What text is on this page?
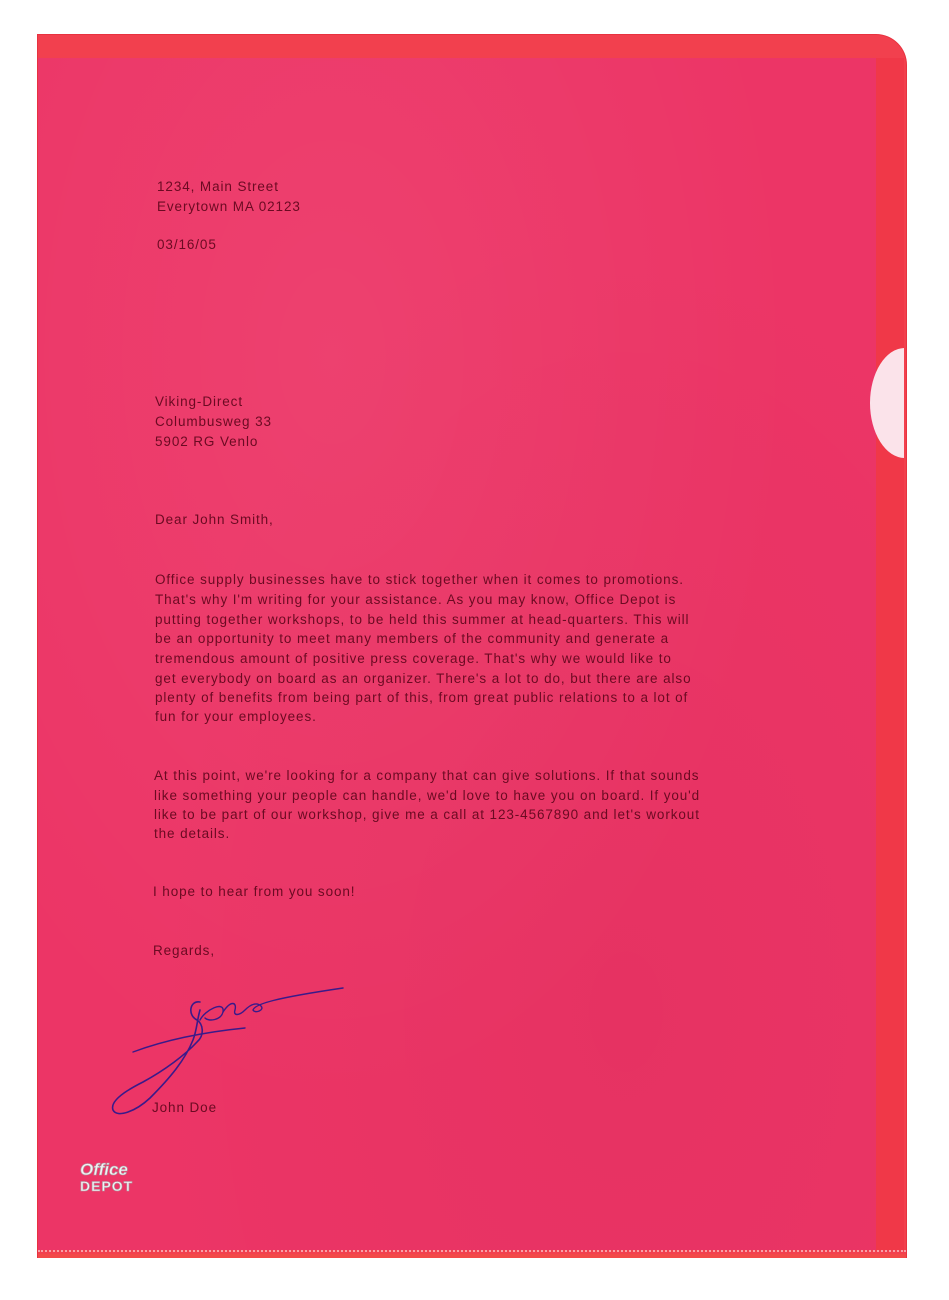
1234, Main Street
Everytown MA 02123
03/16/05
Viking-Direct
Columbusweg 33
5902 RG Venlo
Dear John Smith,
Office supply businesses have to stick together when it comes to promotions.
That's why I'm writing for your assistance. As you may know, Office Depot is
putting together workshops, to be held this summer at head-quarters. This will
be an opportunity to meet many members of the community and generate a
tremendous amount of positive press coverage. That's why we would like to
get everybody on board as an organizer. There's a lot to do, but there are also
plenty of benefits from being part of this, from great public relations to a lot of
fun for your employees.
At this point, we're looking for a company that can give solutions. If that sounds
like something your people can handle, we'd love to have you on board. If you'd
like to be part of our workshop, give me a call at 123-4567890 and let's workout
the details.
I hope to hear from you soon!
Regards,
John Doe
Office
DEPOT
